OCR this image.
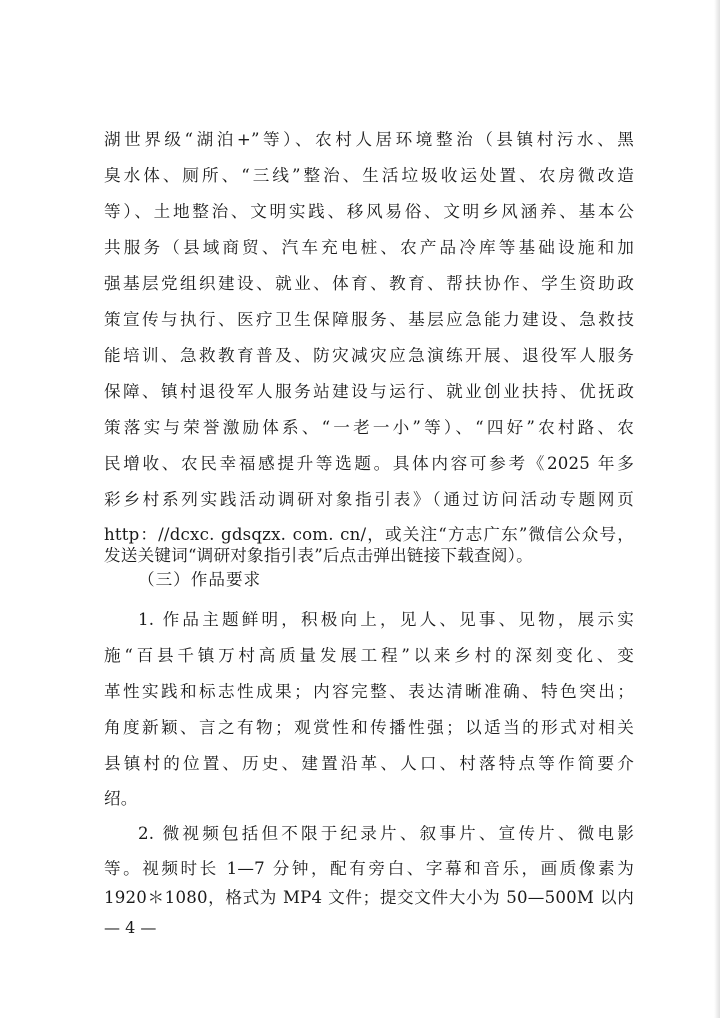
湖世界级“湖泊+”等）、农村人居环境整治（县镇村污水、黑
臭水体、厕所、“三线”整治、生活垃圾收运处置、农房微改造
等）、土地整治、文明实践、移风易俗、文明乡风涵养、基本公
共服务（县域商贸、汽车充电桩、农产品冷库等基础设施和加
强基层党组织建设、就业、体育、教育、帮扶协作、学生资助政
策宣传与执行、医疗卫生保障服务、基层应急能力建设、急救技
能培训、急救教育普及、防灾减灾应急演练开展、退役军人服务
保障、镇村退役军人服务站建设与运行、就业创业扶持、优抚政
策落实与荣誉激励体系、“一老一小”等）、“四好”农村路、农
民增收、农民幸福感提升等选题。具体内容可参考《2025 年多
彩乡村系列实践活动调研对象指引表》（通过访问活动专题网页
http：//dcxc. gdsqzx. com. cn/，或关注“方志广东”微信公众号，
发送关键词“调研对象指引表”后点击弹出链接下载查阅）。
（三）作品要求
1. 作品主题鲜明，积极向上，见人、见事、见物，展示实
施“百县千镇万村高质量发展工程”以来乡村的深刻变化、变
革性实践和标志性成果；内容完整、表达清晰准确、特色突出；
角度新颖、言之有物；观赏性和传播性强；以适当的形式对相关
县镇村的位置、历史、建置沿革、人口、村落特点等作简要介
绍。
2. 微视频包括但不限于纪录片、叙事片、宣传片、微电影
等。视频时长 1—7 分钟，配有旁白、字幕和音乐，画质像素为
1920＊1080，格式为 MP4 文件；提交文件大小为 50—500M 以内
— 4 —
